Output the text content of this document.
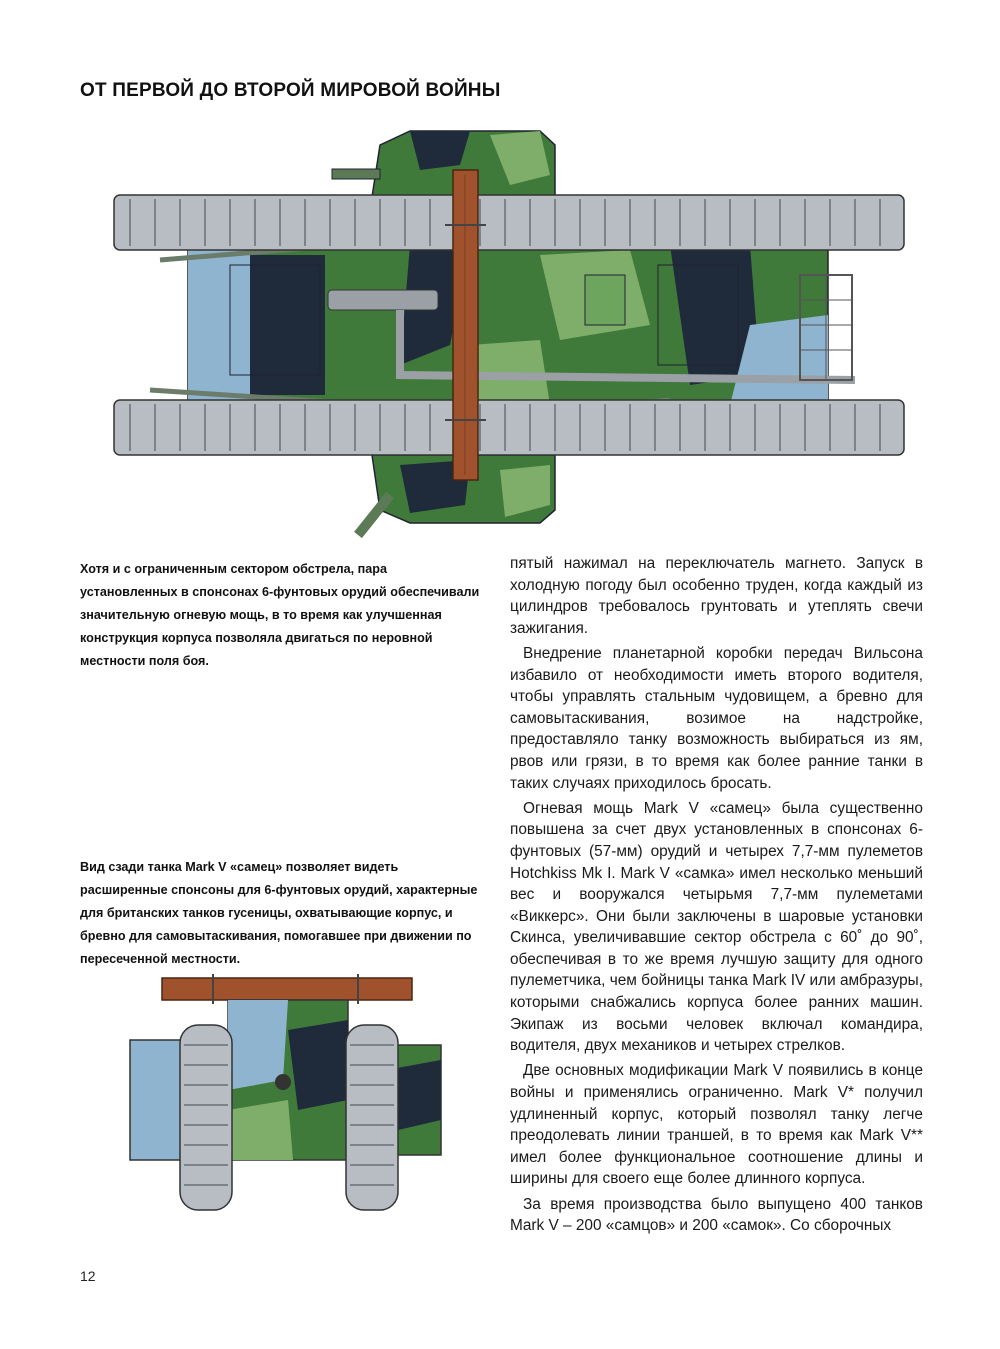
ОТ ПЕРВОЙ ДО ВТОРОЙ МИРОВОЙ ВОЙНЫ
Хотя и с ограниченным сектором обстрела, пара установленных в спонсонах 6-фунтовых орудий обеспечивали значительную огневую мощь, в то время как улучшенная конструкция корпуса позволяла двигаться по неровной местности поля боя.
Вид сзади танка Mark V «самец» позволяет видеть расширенные спонсоны для 6-фунтовых орудий, характерные для британских танков гусеницы, охватывающие корпус, и бревно для самовытаскивания, помогавшее при движении по пересеченной местности.

пятый нажимал на переключатель магнето. Запуск в холодную погоду был особенно труден, когда каждый из цилиндров требовалось грунтовать и утеплять свечи зажигания.

Внедрение планетарной коробки передач Вильсона избавило от необходимости иметь второго водителя, чтобы управлять стальным чудовищем, а бревно для самовытаскивания, возимое на надстройке, предоставляло танку возможность выбираться из ям, рвов или грязи, в то время как более ранние танки в таких случаях приходилось бросать.

Огневая мощь Mark V «самец» была существенно повышена за счет двух установленных в спонсонах 6-фунтовых (57-мм) орудий и четырех 7,7-мм пулеметов Hotchkiss Mk I. Mark V «самка» имел несколько меньший вес и вооружался четырьмя 7,7-мм пулеметами «Виккерс». Они были заключены в шаровые установки Скинса, увеличивавшие сектор обстрела с 60˚ до 90˚, обеспечивая в то же время лучшую защиту для одного пулеметчика, чем бойницы танка Mark IV или амбразуры, которыми снабжались корпуса более ранних машин. Экипаж из восьми человек включал командира, водителя, двух механиков и четырех стрелков.

Две основных модификации Mark V появились в конце войны и применялись ограниченно. Mark V* получил удлиненный корпус, который позволял танку легче преодолевать линии траншей, в то время как Mark V** имел более функциональное соотношение длины и ширины для своего еще более длинного корпуса.

За время производства было выпущено 400 танков Mark V – 200 «самцов» и 200 «самок». Со сборочных

12
